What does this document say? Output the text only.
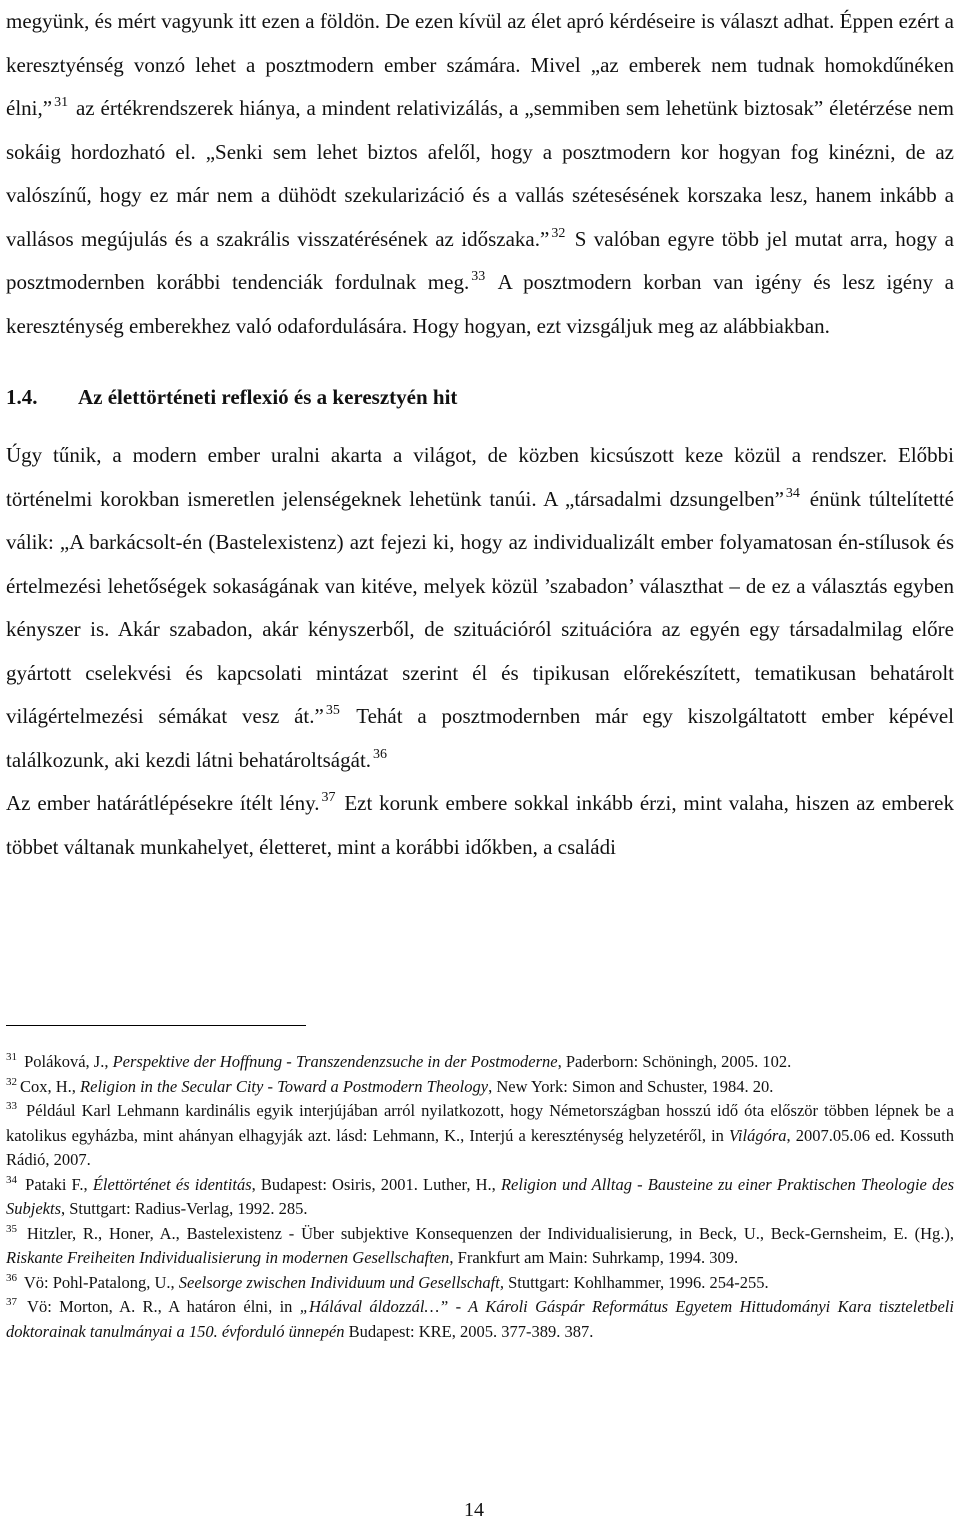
megyünk, és mért vagyunk itt ezen a földön. De ezen kívül az élet apró kérdéseire is választ adhat. Éppen ezért a keresztyénség vonzó lehet a posztmodern ember számára. Mivel „az emberek nem tudnak homokdűnéken élni,” $^{31}$ az értékrendszerek hiánya, a mindent relativizálás, a „semmiben sem lehetünk biztosak” életérzése nem sokáig hordozható el. „Senki sem lehet biztos afelől, hogy a posztmodern kor hogyan fog kinézni, de az valószínű, hogy ez már nem a dühödt szekularizáció és a vallás szétesésének korszaka lesz, hanem inkább a vallásos megújulás és a szakrális visszatérésének az időszaka.” $^{32}$ S valóban egyre több jel mutat arra, hogy a posztmodernben korábbi tendenciák fordulnak meg. $^{33}$ A posztmodern korban van igény és lesz igény a kereszténység emberekhez való odafordulására. Hogy hogyan, ezt vizsgáljuk meg az alábbiakban.

1.4. Az élettörténeti reflexió és a keresztyén hit

Úgy tűnik, a modern ember uralni akarta a világot, de közben kicsúszott keze közül a rendszer. Előbbi történelmi korokban ismeretlen jelenségeknek lehetünk tanúi. A „társadalmi dzsungelben” $^{34}$ énünk túltelítetté válik: „A barkácsolt-én (Bastelexistenz) azt fejezi ki, hogy az individualizált ember folyamatosan én-stílusok és értelmezési lehetőségek sokaságának van kitéve, melyek közül ’szabadon’ választhat – de ez a választás egyben kényszer is. Akár szabadon, akár kényszerből, de szituációról szituációra az egyén egy társadalmilag előre gyártott cselekvési és kapcsolati mintázat szerint él és tipikusan előrekészített, tematikusan behatárolt világértelmezési sémákat vesz át.” $^{35}$ Tehát a posztmodernben már egy kiszolgáltatott ember képével találkozunk, aki kezdi látni behatároltságát. $^{36}$

Az ember határátlépésekre ítélt lény. $^{37}$ Ezt korunk embere sokkal inkább érzi, mint valaha, hiszen az emberek többet váltanak munkahelyet, életteret, mint a korábbi időkben, a családi

$^{31}$ Poláková, J., Perspektive der Hoffnung - Transzendenzsuche in der Postmoderne, Paderborn: Schöningh, 2005. 102.

$^{32}$ Cox, H., Religion in the Secular City - Toward a Postmodern Theology, New York: Simon and Schuster, 1984. 20.

$^{33}$ Például Karl Lehmann kardinális egyik interjújában arról nyilatkozott, hogy Németországban hosszú idő óta először többen lépnek be a katolikus egyházba, mint ahányan elhagyják azt. lásd: Lehmann, K., Interjú a kereszténység helyzetéről, in Világóra, 2007.05.06 ed. Kossuth Rádió, 2007.

$^{34}$ Pataki F., Élettörténet és identitás, Budapest: Osiris, 2001. Luther, H., Religion und Alltag - Bausteine zu einer Praktischen Theologie des Subjekts, Stuttgart: Radius-Verlag, 1992. 285.

$^{35}$ Hitzler, R., Honer, A., Bastelexistenz - Über subjektive Konsequenzen der Individualisierung, in Beck, U., Beck-Gernsheim, E. (Hg.), Riskante Freiheiten Individualisierung in modernen Gesellschaften, Frankfurt am Main: Suhrkamp, 1994. 309.

$^{36}$ Vö: Pohl-Patalong, U., Seelsorge zwischen Individuum und Gesellschaft, Stuttgart: Kohlhammer, 1996. 254-255.

$^{37}$ Vö: Morton, A. R., A határon élni, in „Hálával áldozzál…” - A Károli Gáspár Református Egyetem Hittudományi Kara tiszteletbeli doktorainak tanulmányai a 150. évforduló ünnepén Budapest: KRE, 2005. 377-389. 387.

14
